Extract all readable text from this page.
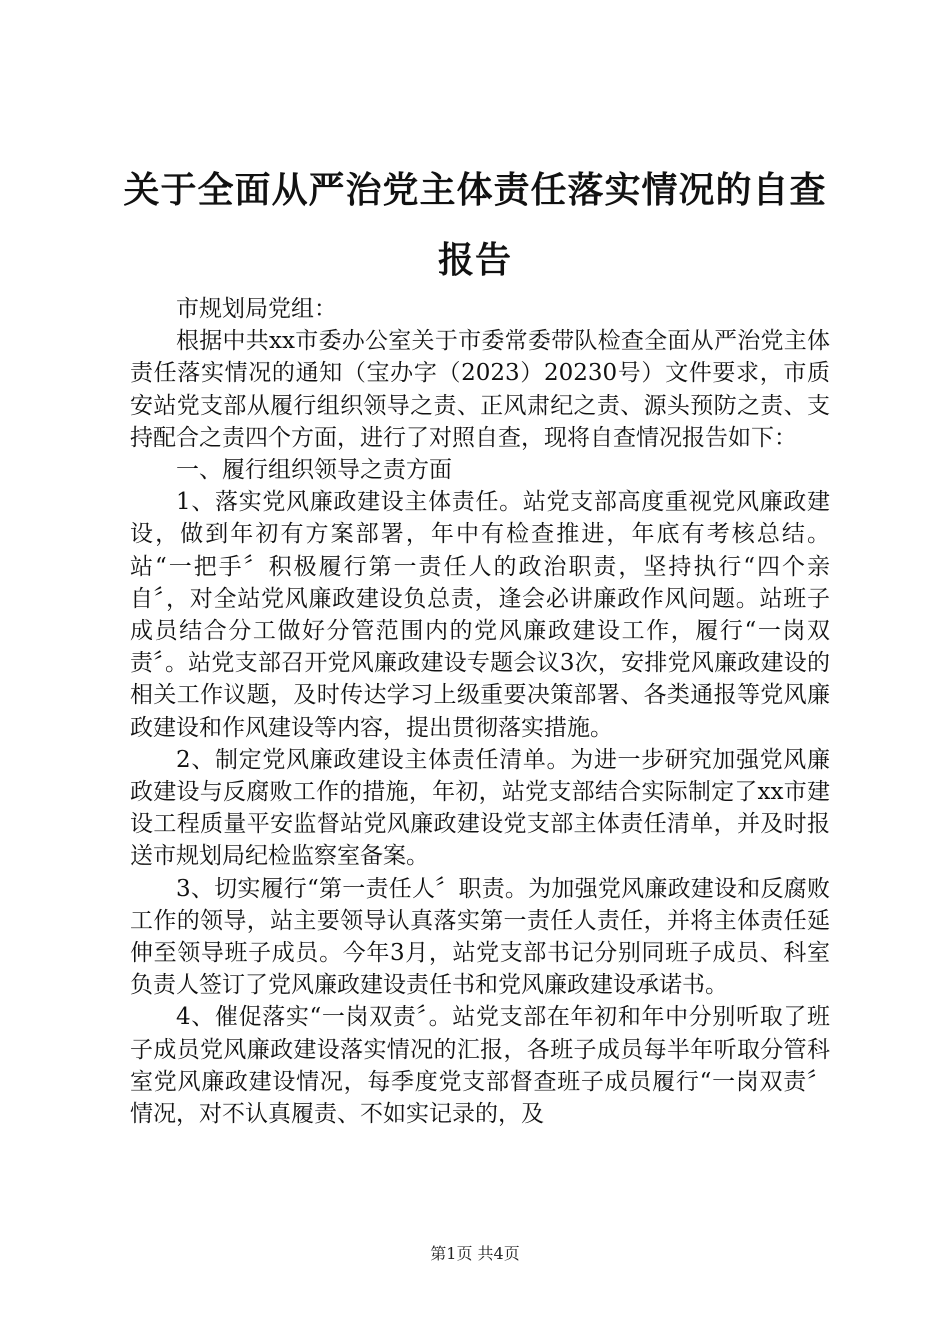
关于全面从严治党主体责任落实情况的自查报告

市规划局党组：

根据中共xx市委办公室关于市委常委带队检查全面从严治党主体责任落实情况的通知（宝办字（2023）20230号）文件要求，市质安站党支部从履行组织领导之责、正风肃纪之责、源头预防之责、支持配合之责四个方面，进行了对照自查，现将自查情况报告如下：

一、履行组织领导之责方面

1、落实党风廉政建设主体责任。站党支部高度重视党风廉政建设，做到年初有方案部署，年中有检查推进，年底有考核总结。站“一把手〞积极履行第一责任人的政治职责，坚持执行“四个亲自〞，对全站党风廉政建设负总责，逢会必讲廉政作风问题。站班子成员结合分工做好分管范围内的党风廉政建设工作，履行“一岗双责〞。站党支部召开党风廉政建设专题会议3次，安排党风廉政建设的相关工作议题，及时传达学习上级重要决策部署、各类通报等党风廉政建设和作风建设等内容，提出贯彻落实措施。

2、制定党风廉政建设主体责任清单。为进一步研究加强党风廉政建设与反腐败工作的措施，年初，站党支部结合实际制定了xx市建设工程质量平安监督站党风廉政建设党支部主体责任清单，并及时报送市规划局纪检监察室备案。

3、切实履行“第一责任人〞职责。为加强党风廉政建设和反腐败工作的领导，站主要领导认真落实第一责任人责任，并将主体责任延伸至领导班子成员。今年3月，站党支部书记分别同班子成员、科室负责人签订了党风廉政建设责任书和党风廉政建设承诺书。

4、催促落实“一岗双责〞。站党支部在年初和年中分别听取了班子成员党风廉政建设落实情况的汇报，各班子成员每半年听取分管科室党风廉政建设情况，每季度党支部督查班子成员履行“一岗双责〞情况，对不认真履责、不如实记录的，及

第1页 共4页
